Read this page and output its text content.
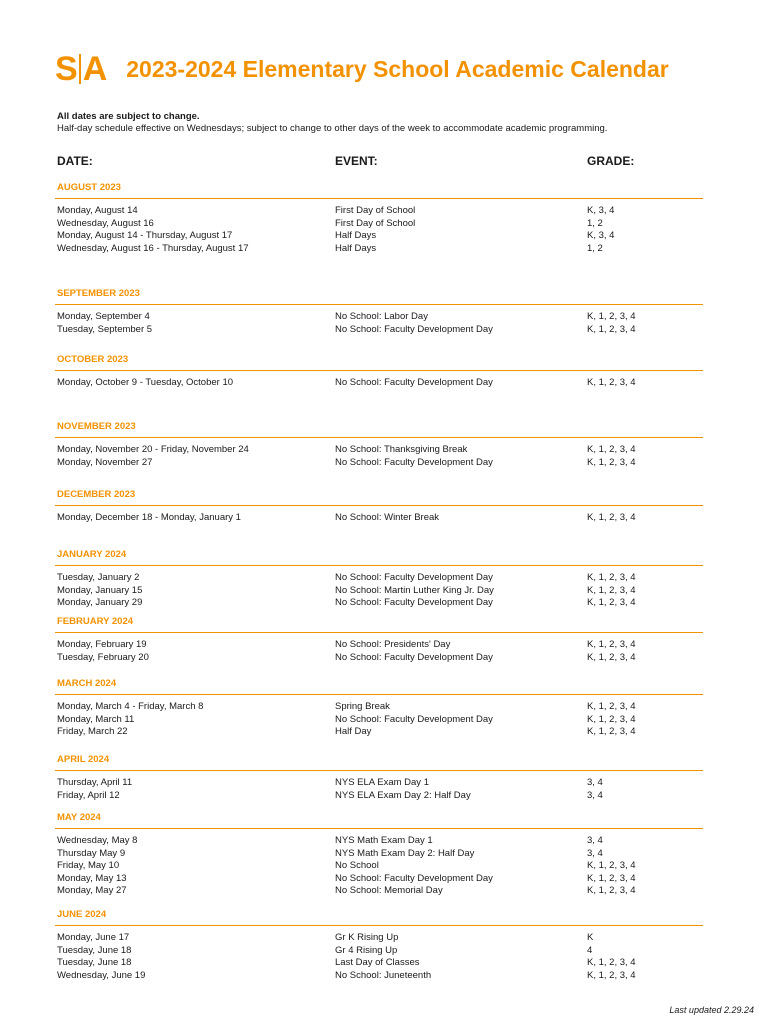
S A 2023-2024 Elementary School Academic Calendar
All dates are subject to change.
Half-day schedule effective on Wednesdays; subject to change to other days of the week to accommodate academic programming.
DATE:	EVENT:	GRADE:
AUGUST 2023
Monday, August 14	First Day of School	K, 3, 4
Wednesday, August 16	First Day of School	1, 2
Monday, August 14 - Thursday, August 17	Half Days	K, 3, 4
Wednesday, August 16 - Thursday, August 17	Half Days	1, 2
SEPTEMBER 2023
Monday, September 4	No School: Labor Day	K, 1, 2, 3, 4
Tuesday, September 5	No School: Faculty Development Day	K, 1, 2, 3, 4
OCTOBER 2023
Monday, October 9 - Tuesday, October 10	No School: Faculty Development Day	K, 1, 2, 3, 4
NOVEMBER 2023
Monday, November 20 - Friday, November 24	No School: Thanksgiving Break	K, 1, 2, 3, 4
Monday, November 27	No School: Faculty Development Day	K, 1, 2, 3, 4
DECEMBER 2023
Monday, December 18 - Monday, January 1	No School: Winter Break	K, 1, 2, 3, 4
JANUARY 2024
Tuesday, January 2	No School: Faculty Development Day	K, 1, 2, 3, 4
Monday, January 15	No School: Martin Luther King Jr. Day	K, 1, 2, 3, 4
Monday, January 29	No School: Faculty Development Day	K, 1, 2, 3, 4
FEBRUARY 2024
Monday, February 19	No School: Presidents' Day	K, 1, 2, 3, 4
Tuesday, February 20	No School: Faculty Development Day	K, 1, 2, 3, 4
MARCH 2024
Monday, March 4 - Friday, March 8	Spring Break	K, 1, 2, 3, 4
Monday, March 11	No School: Faculty Development Day	K, 1, 2, 3, 4
Friday, March 22	Half Day	K, 1, 2, 3, 4
APRIL 2024
Thursday, April 11	NYS ELA Exam Day 1	3, 4
Friday, April 12	NYS ELA Exam Day 2: Half Day	3, 4
MAY 2024
Wednesday, May 8	NYS Math Exam Day 1	3, 4
Thursday May 9	NYS Math Exam Day 2: Half Day	3, 4
Friday, May 10	No School	K, 1, 2, 3, 4
Monday, May 13	No School: Faculty Development Day	K, 1, 2, 3, 4
Monday, May 27	No School: Memorial Day	K, 1, 2, 3, 4
JUNE 2024
Monday, June 17	Gr K Rising Up	K
Tuesday, June 18	Gr 4 Rising Up	4
Tuesday, June 18	Last Day of Classes	K, 1, 2, 3, 4
Wednesday, June 19	No School: Juneteenth	K, 1, 2, 3, 4
Last updated 2.29.24
